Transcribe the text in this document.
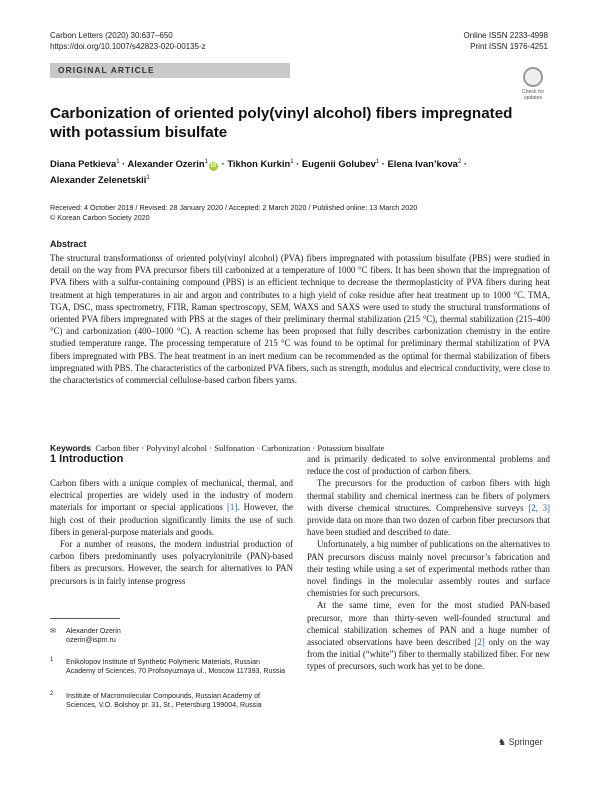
Carbon Letters (2020) 30:637–650
https://doi.org/10.1007/s42823-020-00135-z
Online ISSN 2233-4998
Print ISSN 1976-4251
ORIGINAL ARTICLE
Check for
updates
Carbonization of oriented poly(vinyl alcohol) fibers impregnated
with potassium bisulfate
Diana Petkieva$^1$ · Alexander Ozerin$^1$iD · Tikhon Kurkin$^1$ · Eugenii Golubev$^1$ · Elena Ivan’kova$^2$ ·
Alexander Zelenetskii$^1$
Received: 4 October 2019 / Revised: 28 January 2020 / Accepted: 2 March 2020 / Published online: 13 March 2020
© Korean Carbon Society 2020
Abstract
The structural transformationss of oriented poly(vinyl alcohol) (PVA) fibers impregnated with potassium bisulfate (PBS) were studied in detail on the way from PVA precursor fibers till carbonized at a temperature of 1000 °C fibers. It has been shown that the impregnation of PVA fibers with a sulfur-containing compound (PBS) is an efficient technique to decrease the thermoplasticity of PVA fibers during heat treatment at high temperatures in air and argon and contributes to a high yield of coke residue after heat treatment up to 1000 °C. TMA, TGA, DSC, mass spectrometry, FTIR, Raman spectroscopy, SEM, WAXS and SAXS were used to study the structural transformations of oriented PVA fibers impregnated with PBS at the stages of their preliminary thermal stabilization (215 °C), thermal stabilization (215–400 °C) and carbonization (400–1000 °C). A reaction scheme has been proposed that fully describes carbonization chemistry in the entire studied temperature range. The processing temperature of 215 °C was found to be optimal for preliminary thermal stabilization of PVA fibers impregnated with PBS. The heat treatment in an inert medium can be recommended as the optimal for thermal stabilization of fibers impregnated with PBS. The characteristics of the carbonized PVA fibers, such as strength, modulus and electrical conductivity, were close to the characteristics of commercial cellulose-based carbon fibers yarns.
Keywords Carbon fiber · Polyvinyl alcohol · Sulfonation · Carbonization · Potassium bisulfate
1 Introduction

Carbon fibers with a unique complex of mechanical, thermal, and electrical properties are widely used in the industry of modern materials for important or special applications [1]. However, the high cost of their production significantly limits the use of such fibers in general-purpose materials and goods.

For a number of reasons, the modern industrial production of carbon fibers predominantly uses polyacrylonitrile (PAN)-based fibers as precursors. However, the search for alternatives to PAN precursors is in fairly intense progress

✉ Alexander Ozerin
ozerin@ispm.ru
1	Enikolopov Institute of Synthetic Polymeric Materials, Russian Academy of Sciences, 70 Profsoyuznaya ul., Moscow 117393, Russia
2	Institute of Macromolecular Compounds, Russian Academy of Sciences, V.O. Bolshoy pr. 31, St., Petersburg 199004, Russia

and is primarily dedicated to solve environmental problems and reduce the cost of production of carbon fibers.

The precursors for the production of carbon fibers with high thermal stability and chemical inertness can be fibers of polymers with diverse chemical structures. Comprehensive surveys [2, 3] provide data on more than two dozen of carbon fiber precursors that have been studied and described to date.

Unfortunately, a big number of publications on the alternatives to PAN precursors discuss mainly novel precursor’s fabrication and their testing while using a set of experimental methods rather than novel findings in the molecular assembly routes and surface chemistries for such precursors.

At the same time, even for the most studied PAN-based precursor, more than thirty-seven well-founded structural and chemical stabilization schemes of PAN and a huge number of associated observations have been described [2] only on the way from the initial (“white”) fiber to thermally stabilized fiber. For new types of precursors, such work has yet to be done.

♞ Springer
